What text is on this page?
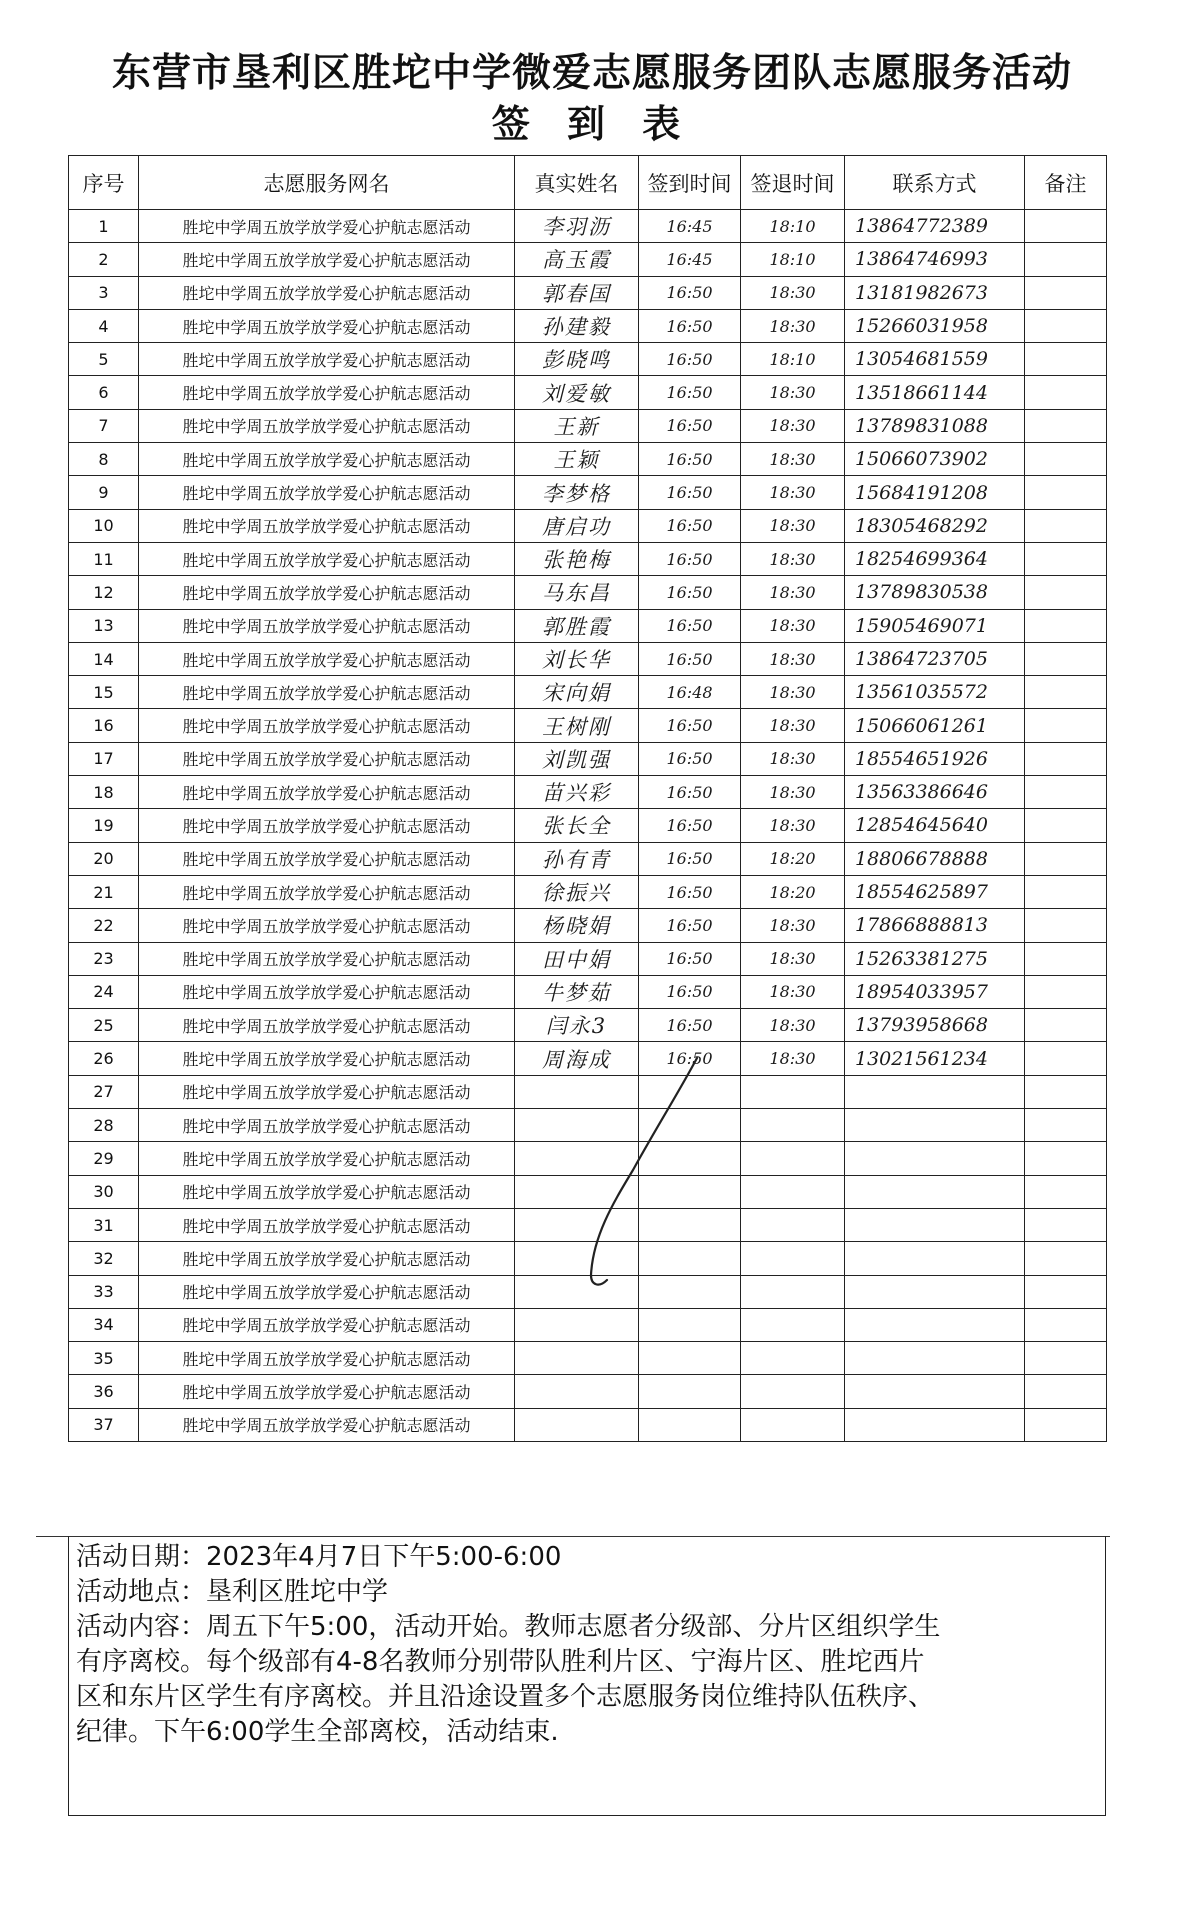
东营市垦利区胜坨中学微爱志愿服务团队志愿服务活动
签 到 表
序号	志愿服务网名	真实姓名	签到时间	签退时间	联系方式	备注
1	胜坨中学周五放学放学爱心护航志愿活动	李羽沥	16:45	18:10	13864772389	
2	胜坨中学周五放学放学爱心护航志愿活动	高玉霞	16:45	18:10	13864746993	
3	胜坨中学周五放学放学爱心护航志愿活动	郭春国	16:50	18:30	13181982673	
4	胜坨中学周五放学放学爱心护航志愿活动	孙建毅	16:50	18:30	15266031958	
5	胜坨中学周五放学放学爱心护航志愿活动	彭晓鸣	16:50	18:10	13054681559	
6	胜坨中学周五放学放学爱心护航志愿活动	刘爱敏	16:50	18:30	13518661144	
7	胜坨中学周五放学放学爱心护航志愿活动	王新	16:50	18:30	13789831088	
8	胜坨中学周五放学放学爱心护航志愿活动	王颖	16:50	18:30	15066073902	
9	胜坨中学周五放学放学爱心护航志愿活动	李梦格	16:50	18:30	15684191208	
10	胜坨中学周五放学放学爱心护航志愿活动	唐启功	16:50	18:30	18305468292	
11	胜坨中学周五放学放学爱心护航志愿活动	张艳梅	16:50	18:30	18254699364	
12	胜坨中学周五放学放学爱心护航志愿活动	马东昌	16:50	18:30	13789830538	
13	胜坨中学周五放学放学爱心护航志愿活动	郭胜霞	16:50	18:30	15905469071	
14	胜坨中学周五放学放学爱心护航志愿活动	刘长华	16:50	18:30	13864723705	
15	胜坨中学周五放学放学爱心护航志愿活动	宋向娟	16:48	18:30	13561035572	
16	胜坨中学周五放学放学爱心护航志愿活动	王树刚	16:50	18:30	15066061261	
17	胜坨中学周五放学放学爱心护航志愿活动	刘凯强	16:50	18:30	18554651926	
18	胜坨中学周五放学放学爱心护航志愿活动	苗兴彩	16:50	18:30	13563386646	
19	胜坨中学周五放学放学爱心护航志愿活动	张长全	16:50	18:30	12854645640	
20	胜坨中学周五放学放学爱心护航志愿活动	孙有青	16:50	18:20	18806678888	
21	胜坨中学周五放学放学爱心护航志愿活动	徐振兴	16:50	18:20	18554625897	
22	胜坨中学周五放学放学爱心护航志愿活动	杨晓娟	16:50	18:30	17866888813	
23	胜坨中学周五放学放学爱心护航志愿活动	田中娟	16:50	18:30	15263381275	
24	胜坨中学周五放学放学爱心护航志愿活动	牛梦茹	16:50	18:30	18954033957	
25	胜坨中学周五放学放学爱心护航志愿活动	闫永3	16:50	18:30	13793958668	
26	胜坨中学周五放学放学爱心护航志愿活动	周海成	16:50	18:30	13021561234	
27	胜坨中学周五放学放学爱心护航志愿活动					
28	胜坨中学周五放学放学爱心护航志愿活动					
29	胜坨中学周五放学放学爱心护航志愿活动					
30	胜坨中学周五放学放学爱心护航志愿活动					
31	胜坨中学周五放学放学爱心护航志愿活动					
32	胜坨中学周五放学放学爱心护航志愿活动					
33	胜坨中学周五放学放学爱心护航志愿活动					
34	胜坨中学周五放学放学爱心护航志愿活动					
35	胜坨中学周五放学放学爱心护航志愿活动					
36	胜坨中学周五放学放学爱心护航志愿活动					
37	胜坨中学周五放学放学爱心护航志愿活动					

活动日期：2023年4月7日下午5:00-6:00

活动地点：垦利区胜坨中学

活动内容：周五下午5:00，活动开始。教师志愿者分级部、分片区组织学生

有序离校。每个级部有4-8名教师分别带队胜利片区、宁海片区、胜坨西片

区和东片区学生有序离校。并且沿途设置多个志愿服务岗位维持队伍秩序、

纪律。下午6:00学生全部离校，活动结束.
